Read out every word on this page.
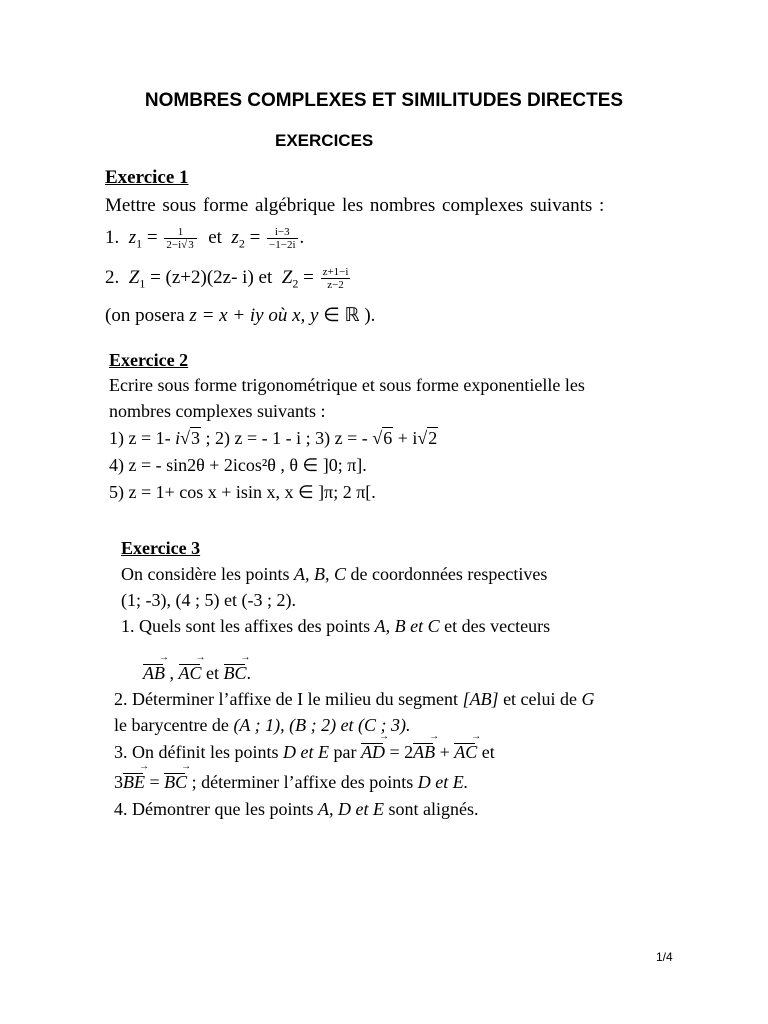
NOMBRES COMPLEXES ET SIMILITUDES DIRECTES
EXERCICES
Exercice 1
Mettre sous forme algébrique les nombres complexes suivants :
1. $z_1 = \frac{1}{2-i√3}$ et $z_2 = \frac{i-3}{-1-2i}$ .
2. $Z_1 = (z+2)(2z-$ i) et $Z_2 = \frac{z+1-i}{z-2}$
(on posera z = x + iy où x, y ∈ ℝ ).
Exercice 2
Ecrire sous forme trigonométrique et sous forme exponentielle les
nombres complexes suivants :
1) z = 1- i√3 ; 2) z = - 1 - i ; 3) z = - √6 + i√2
4) z = - sin2θ + 2icos²θ , θ ∈ ]0; π].
5) z = 1+ cos x + isin x, x ∈ ]π; 2 π[.
Exercice 3
On considère les points A, B, C de coordonnées respectives
(1; -3), (4 ; 5) et (-3 ; 2).
1. Quels sont les affixes des points A, B et C et des vecteurs
AB → , AC → et BC →.
2. Déterminer l’affixe de I le milieu du segment [AB] et celui de G
le barycentre de (A ; 1), (B ; 2) et (C ; 3).
3. On définit les points D et E par AD → = 2AB → + AC → et
3BE → = BC → ; déterminer l’affixe des points D et E.
4. Démontrer que les points A, D et E sont alignés.
1/4
